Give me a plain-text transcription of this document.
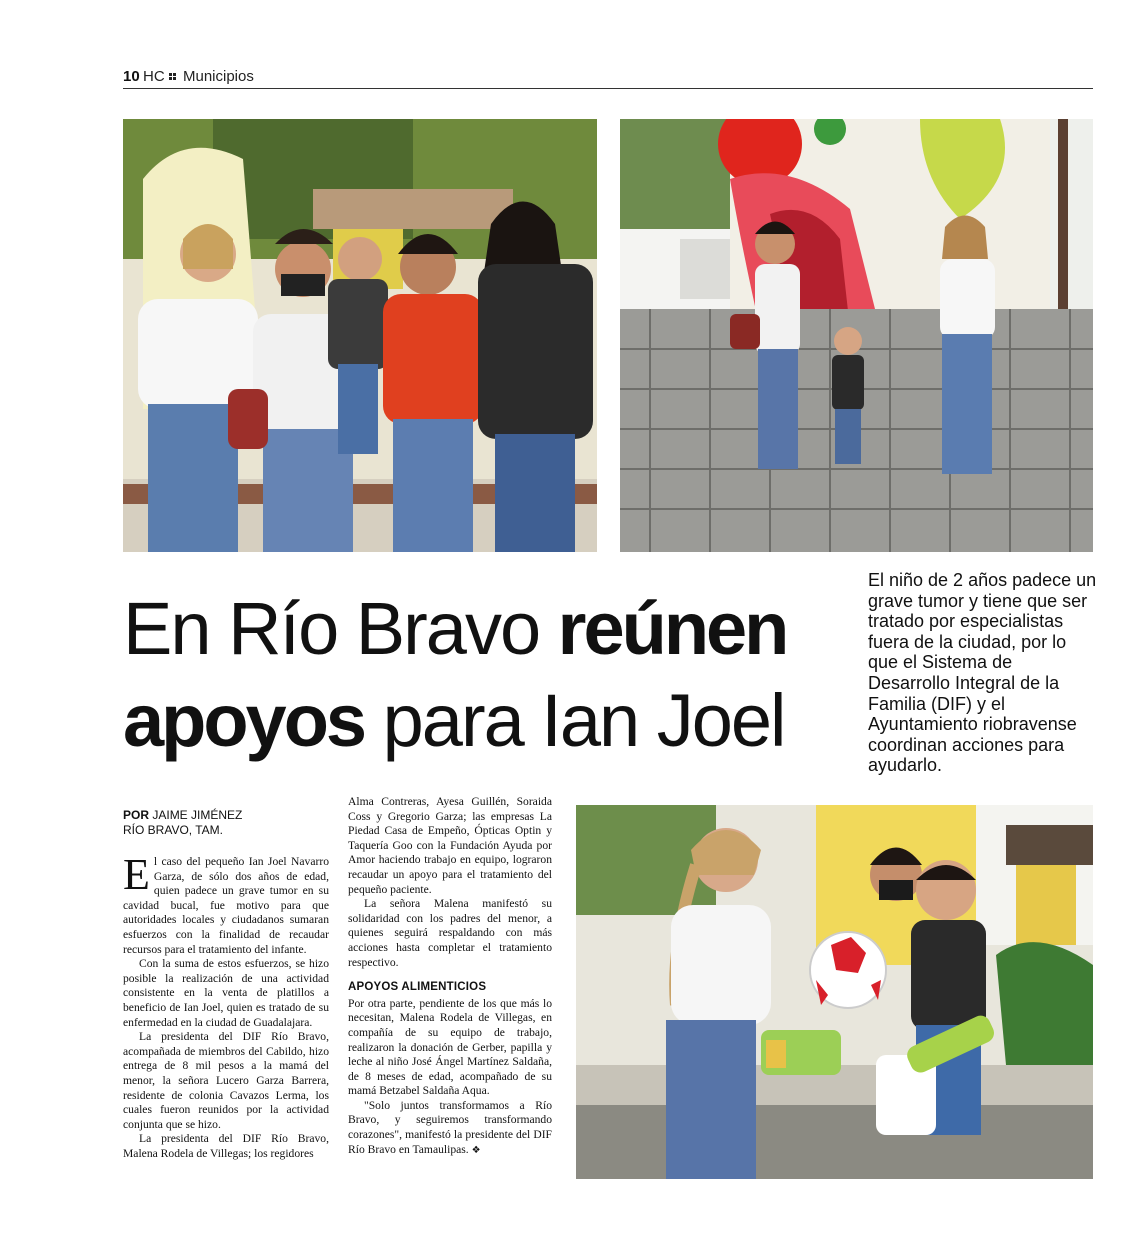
10 HC Municipios
En Río Bravo reúnen
apoyos para Ian Joel
El niño de 2 años padece un grave tumor y tiene que ser tratado por especialistas fuera de la ciudad, por lo que el Sistema de Desarrollo Integral de la Familia (DIF) y el Ayuntamiento riobravense coordinan acciones para ayudarlo.
POR JAIME JIMÉNEZ
RÍO BRAVO, TAM.

El caso del pequeño Ian Joel Navarro Garza, de sólo dos años de edad, quien padece un grave tumor en su cavidad bucal, fue motivo para que autoridades locales y ciudadanos sumaran esfuerzos con la finalidad de recaudar recursos para el tratamiento del infante.

Con la suma de estos esfuerzos, se hizo posible la realización de una actividad consistente en la venta de platillos a beneficio de Ian Joel, quien es tratado de su enfermedad en la ciudad de Guadalajara.

La presidenta del DIF Río Bravo, acompañada de miembros del Cabildo, hizo entrega de 8 mil pesos a la mamá del menor, la señora Lucero Garza Barrera, residente de colonia Cavazos Lerma, los cuales fueron reunidos por la actividad conjunta que se hizo.

La presidenta del DIF Río Bravo, Malena Rodela de Villegas; los regidores

Alma Contreras, Ayesa Guillén, Soraida Coss y Gregorio Garza; las empresas La Piedad Casa de Empeño, Ópticas Optin y Taquería Goo con la Fundación Ayuda por Amor haciendo trabajo en equipo, lograron recaudar un apoyo para el tratamiento del pequeño paciente.

La señora Malena manifestó su solidaridad con los padres del menor, a quienes seguirá respaldando con más acciones hasta completar el tratamiento respectivo.

APOYOS ALIMENTICIOS

Por otra parte, pendiente de los que más lo necesitan, Malena Rodela de Villegas, en compañía de su equipo de trabajo, realizaron la donación de Gerber, papilla y leche al niño José Ángel Martínez Saldaña, de 8 meses de edad, acompañado de su mamá Betzabel Saldaña Aqua.

"Solo juntos transformamos a Río Bravo, y seguiremos transformando corazones", manifestó la presidente del DIF Río Bravo en Tamaulipas. ❖
